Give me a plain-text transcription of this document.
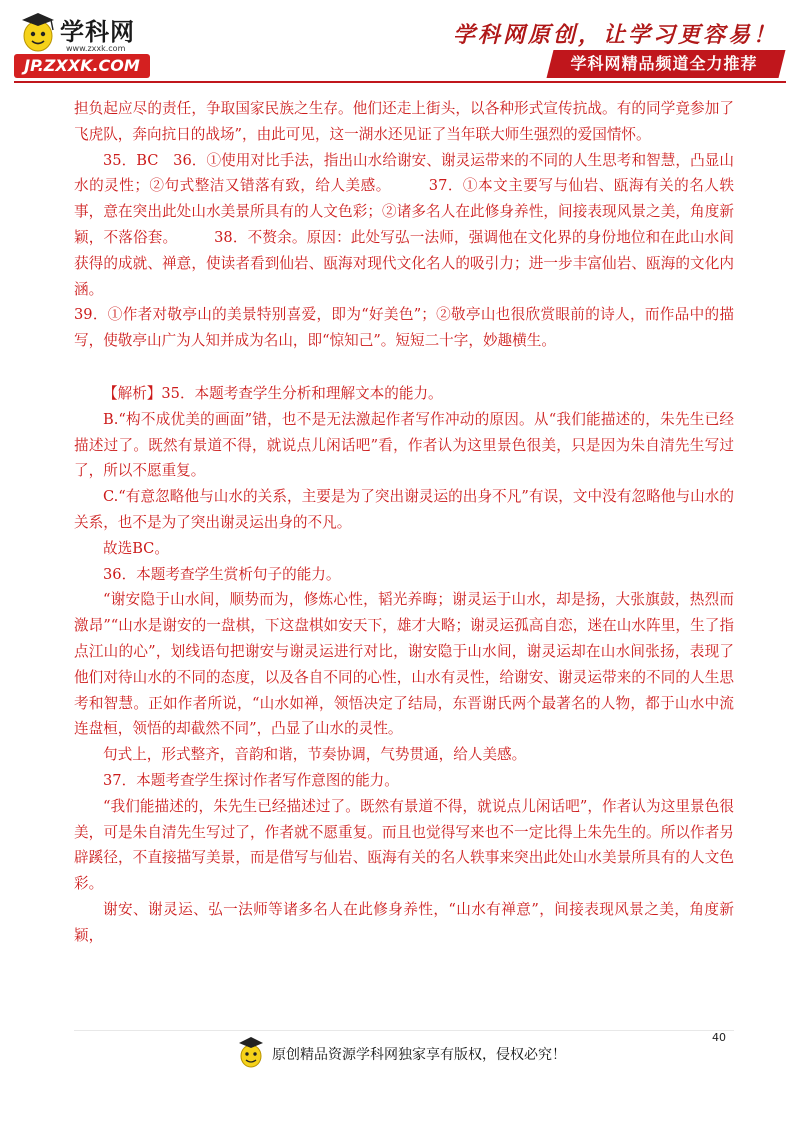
学科网
www.zxxk.com
JP.ZXXK.COM
学科网原创，让学习更容易！
学科网精品频道全力推荐

担负起应尽的责任，争取国家民族之生存。他们还走上街头，以各种形式宣传抗战。有的同学竟参加了飞虎队，奔向抗日的战场”，由此可见，这一湖水还见证了当年联大师生强烈的爱国情怀。

35．BC　36．①使用对比手法，指出山水给谢安、谢灵运带来的不同的人生思考和智慧，凸显山水的灵性；②句式整洁又错落有致，给人美感。　　　37．①本文主要写与仙岩、瓯海有关的名人轶事，意在突出此处山水美景所具有的人文色彩；②诸多名人在此修身养性，间接表现风景之美，角度新颖，不落俗套。　　　38．不赘余。原因：此处写弘一法师，强调他在文化界的身份地位和在此山水间获得的成就、禅意，使读者看到仙岩、瓯海对现代文化名人的吸引力；进一步丰富仙岩、瓯海的文化内涵。

39．①作者对敬亭山的美景特别喜爱，即为“好美色”；②敬亭山也很欣赏眼前的诗人，而作品中的描写，使敬亭山广为人知并成为名山，即“惊知己”。短短二十字，妙趣横生。

【解析】35．本题考查学生分析和理解文本的能力。

B.“构不成优美的画面”错，也不是无法激起作者写作冲动的原因。从“我们能描述的，朱先生已经描述过了。既然有景道不得，就说点儿闲话吧”看，作者认为这里景色很美，只是因为朱自清先生写过了，所以不愿重复。

C.“有意忽略他与山水的关系，主要是为了突出谢灵运的出身不凡”有误，文中没有忽略他与山水的关系，也不是为了突出谢灵运出身的不凡。

故选BC。

36．本题考查学生赏析句子的能力。

“谢安隐于山水间，顺势而为，修炼心性，韬光养晦；谢灵运于山水，却是扬，大张旗鼓，热烈而激昂”“山水是谢安的一盘棋，下这盘棋如安天下，雄才大略；谢灵运孤高自恋，迷在山水阵里，生了指点江山的心”，划线语句把谢安与谢灵运进行对比，谢安隐于山水间，谢灵运却在山水间张扬，表现了他们对待山水的不同的态度，以及各自不同的心性，山水有灵性，给谢安、谢灵运带来的不同的人生思考和智慧。正如作者所说，“山水如禅，领悟决定了结局，东晋谢氏两个最著名的人物，都于山水中流连盘桓，领悟的却截然不同”，凸显了山水的灵性。

句式上，形式整齐，音韵和谐，节奏协调，气势贯通，给人美感。

37．本题考查学生探讨作者写作意图的能力。

“我们能描述的，朱先生已经描述过了。既然有景道不得，就说点儿闲话吧”，作者认为这里景色很美，可是朱自清先生写过了，作者就不愿重复。而且也觉得写来也不一定比得上朱先生的。所以作者另辟蹊径，不直接描写美景，而是借写与仙岩、瓯海有关的名人轶事来突出此处山水美景所具有的人文色彩。

谢安、谢灵运、弘一法师等诸多名人在此修身养性，“山水有禅意”，间接表现风景之美，角度新颖，

40
原创精品资源学科网独家享有版权，侵权必究！
